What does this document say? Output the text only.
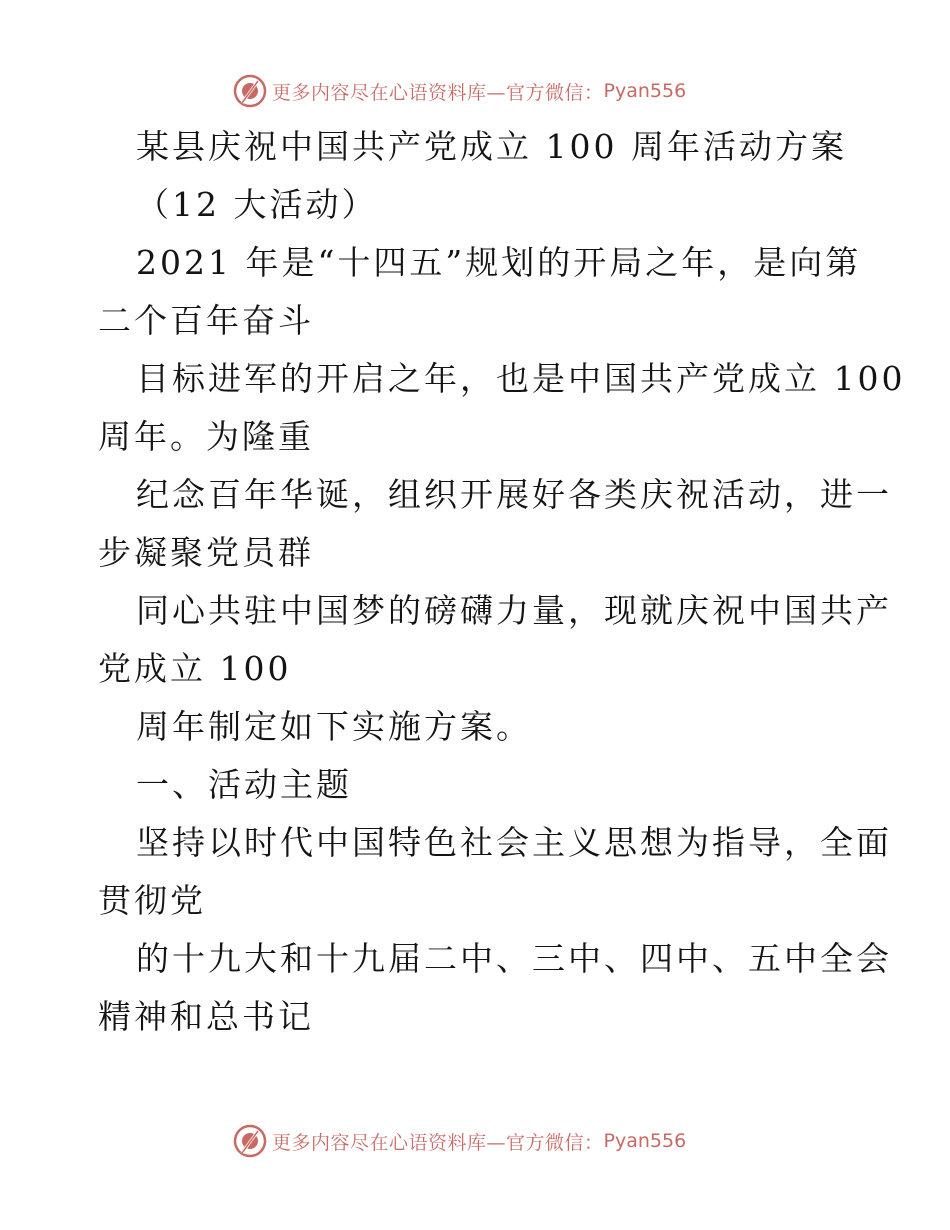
更多内容尽在心语资料库—官方微信： Pyan556

某县庆祝中国共产党成立 100 周年活动方案

（12 大活动）

2021 年是“十四五”规划的开局之年，是向第

二个百年奋斗

目标进军的开启之年，也是中国共产党成立 100

周年。为隆重

纪念百年华诞，组织开展好各类庆祝活动，进一

步凝聚党员群

同心共驻中国梦的磅礴力量，现就庆祝中国共产

党成立 100

周年制定如下实施方案。

一、活动主题

坚持以时代中国特色社会主义思想为指导，全面

贯彻党

的十九大和十九届二中、三中、四中、五中全会

精神和总书记

更多内容尽在心语资料库—官方微信： Pyan556
